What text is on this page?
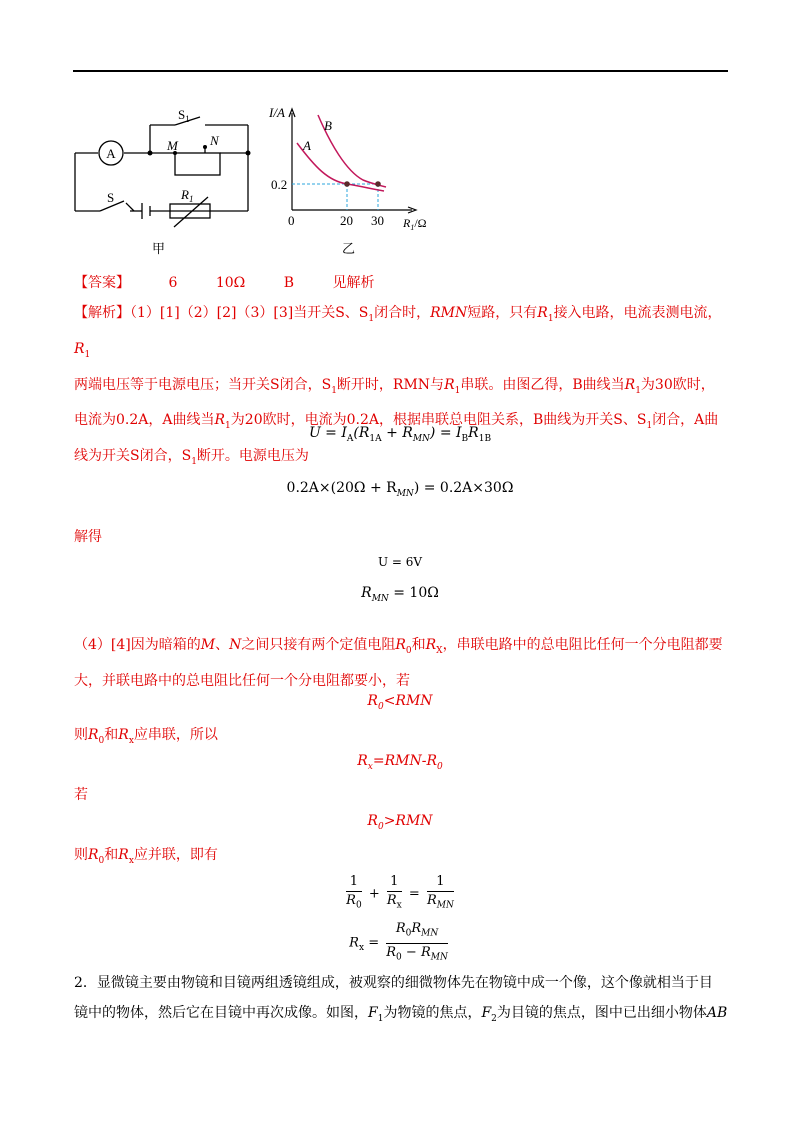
A
$S_1$
M N
S	$R_1$
甲
I/A
$R_1/\Omega$
0
0.2
20 30
A
B
乙
【答案】	6	10Ω	B	见解析
【解析】（1）[1]（2）[2]（3）[3]当开关S、$S_1$闭合时，RMN短路，只有$R_1$接入电路，电流表测电流，$R_1$
两端电压等于电源电压；当开关S闭合，$S_1$断开时，RMN与$R_1$串联。由图乙得，B曲线当$R_1$为30欧时，
电流为0.2A，A曲线当$R_1$为20欧时，电流为0.2A，根据串联总电阻关系，B曲线为开关S、$S_1$闭合，A曲
线为开关S闭合，$S_1$断开。电源电压为
$U = I_A(R_{1A} + R_{MN}) = I_BR_{1B}$
$0.2A\times(20\Omega + R_{MN}) = 0.2A\times 30\Omega$
解得
U = 6V
$R_{MN} = 10\Omega$
（4）[4]因为暗箱的M、N之间只接有两个定值电阻$R_0$和$R_X$，串联电路中的总电阻比任何一个分电阻都要
大，并联电路中的总电阻比任何一个分电阻都要小，若
$R_0<RMN$
则$R_0$和$R_x$应串联，所以
$R_x=RMN-R_0$
若
$R_0>RMN$
则$R_0$和$R_x$应并联，即有
$\frac{1}{R_0} + \frac{1}{R_x} = \frac{1}{R_{MN}}$
$R_x = \frac{R_0R_{MN}}{R_0 - R_{MN}}$
2．显微镜主要由物镜和目镜两组透镜组成，被观察的细微物体先在物镜中成一个像，这个像就相当于目
镜中的物体，然后它在目镜中再次成像。如图，$F_1$为物镜的焦点，$F_2$为目镜的焦点，图中已出细小物体AB
